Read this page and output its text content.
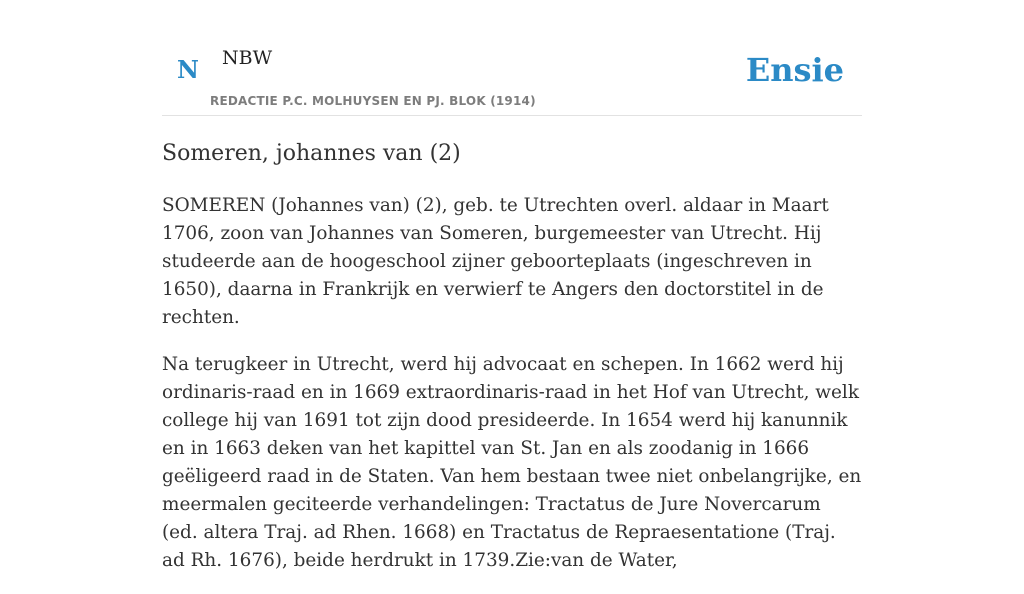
N NBW
REDACTIE P.C. MOLHUYSEN EN PJ. BLOK (1914)
Ensie
Someren, johannes van (2)

SOMEREN (Johannes van) (2), geb. te Utrechten overl. aldaar in Maart 1706, zoon van Johannes van Someren, burgemeester van Utrecht. Hij studeerde aan de hoogeschool zijner geboorteplaats (ingeschreven in 1650), daarna in Frankrijk en verwierf te Angers den doctorstitel in de rechten.

Na terugkeer in Utrecht, werd hij advocaat en schepen. In 1662 werd hij ordinaris-raad en in 1669 extraordinaris-raad in het Hof van Utrecht, welk college hij van 1691 tot zijn dood presideerde. In 1654 werd hij kanunnik en in 1663 deken van het kapittel van St. Jan en als zoodanig in 1666 geëligeerd raad in de Staten. Van hem bestaan twee niet onbelangrijke, en meermalen geciteerde verhandelingen: Tractatus de Jure Novercarum (ed. altera Traj. ad Rhen. 1668) en Tractatus de Repraesentatione (Traj. ad Rh. 1676), beide herdrukt in 1739.Zie:van de Water,
